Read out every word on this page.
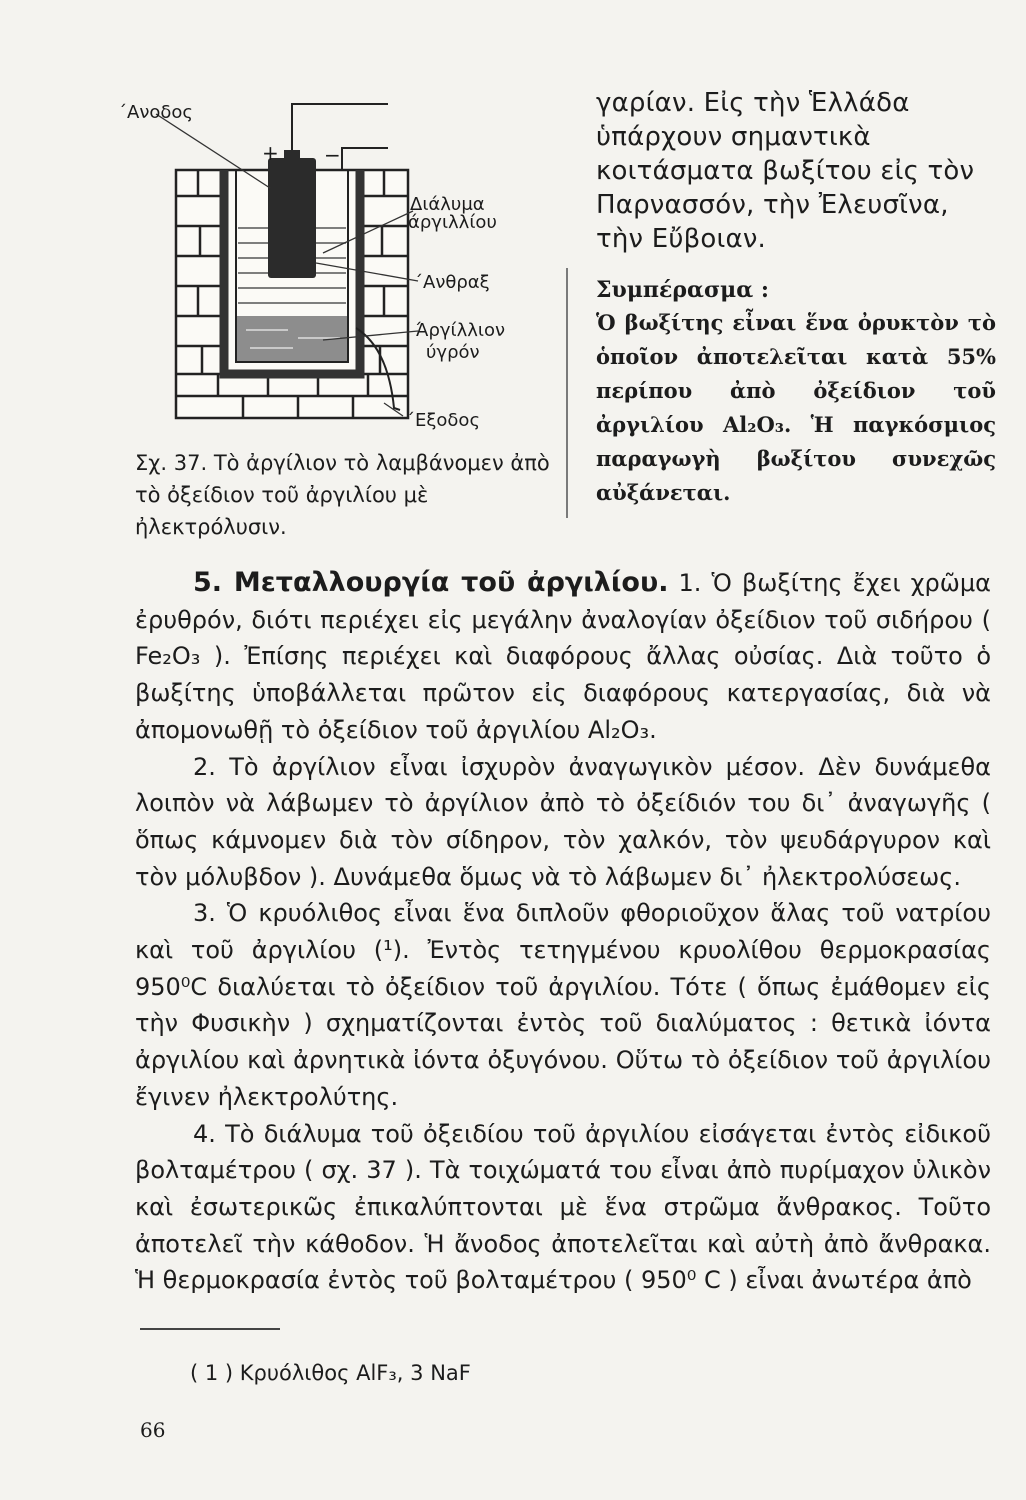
΄Ανοδος
+ −
Διάλυμα
άργιλλίου
΄Ανθραξ
Άργίλλιον
ύγρόν
΄Εξοδος
Σχ. 37. Τὸ ἀργίλιον τὸ λαμβάνομεν ἀπὸ τὸ ὀξείδιον τοῦ ἀργιλίου μὲ ἠλεκτρόλυσιν.
γαρίαν. Εἰς τὴν Ἑλλάδα ὑπάρχουν σημαντικὰ κοιτάσματα βωξίτου εἰς τὸν Παρνασσόν, τὴν Ἐλευσῖνα, τὴν Εὔβοιαν.
Συμπέρασμα :
Ὁ βωξίτης εἶναι ἕνα ὀρυκτὸν τὸ ὁποῖον ἀποτελεῖται κατὰ 55% περίπου ἀπὸ ὀξείδιον τοῦ ἀργιλίου Al₂O₃. Ἡ παγκόσμιος παραγωγὴ βωξίτου συνεχῶς αὐξάνεται.

5. Μεταλλουργία τοῦ ἀργιλίου. 1. Ὁ βωξίτης ἔχει χρῶμα ἐρυθρόν, διότι περιέχει εἰς μεγάλην ἀναλογίαν ὀξείδιον τοῦ σιδήρου ( Fe₂O₃ ). Ἐπίσης περιέχει καὶ διαφόρους ἄλλας οὐσίας. Διὰ τοῦτο ὁ βωξίτης ὑποβάλλεται πρῶτον εἰς διαφόρους κατεργασίας, διὰ νὰ ἀπομονωθῇ τὸ ὀξείδιον τοῦ ἀργιλίου Al₂O₃.

2. Τὸ ἀργίλιον εἶναι ἰσχυρὸν ἀναγωγικὸν μέσον. Δὲν δυνάμεθα λοιπὸν νὰ λάβωμεν τὸ ἀργίλιον ἀπὸ τὸ ὀξείδιόν του δι᾽ ἀναγωγῆς ( ὅπως κάμνομεν διὰ τὸν σίδηρον, τὸν χαλκόν, τὸν ψευδάργυρον καὶ τὸν μόλυβδον ). Δυνάμεθα ὅμως νὰ τὸ λάβωμεν δι᾽ ἠλεκτρολύσεως.

3. Ὁ κρυόλιθος εἶναι ἕνα διπλοῦν φθοριοῦχον ἅλας τοῦ νατρίου καὶ τοῦ ἀργιλίου (¹). Ἐντὸς τετηγμένου κρυολίθου θερμοκρασίας 950⁰C διαλύεται τὸ ὀξείδιον τοῦ ἀργιλίου. Τότε ( ὅπως ἐμάθομεν εἰς τὴν Φυσικὴν ) σχηματίζονται ἐντὸς τοῦ διαλύματος : θετικὰ ἰόντα ἀργιλίου καὶ ἀρνητικὰ ἰόντα ὀξυγόνου. Οὕτω τὸ ὀξείδιον τοῦ ἀργιλίου ἔγινεν ἠλεκτρολύτης.

4. Τὸ διάλυμα τοῦ ὀξειδίου τοῦ ἀργιλίου εἰσάγεται ἐντὸς εἰδικοῦ βολταμέτρου ( σχ. 37 ). Τὰ τοιχώματά του εἶναι ἀπὸ πυρίμαχον ὑλικὸν καὶ ἐσωτερικῶς ἐπικαλύπτονται μὲ ἕνα στρῶμα ἄνθρακος. Τοῦτο ἀποτελεῖ τὴν κάθοδον. Ἡ ἄνοδος ἀποτελεῖται καὶ αὐτὴ ἀπὸ ἄνθρακα. Ἡ θερμοκρασία ἐντὸς τοῦ βολταμέτρου ( 950⁰ C ) εἶναι ἀνωτέρα ἀπὸ

( 1 ) Κρυόλιθος AlF₃, 3 NaF
66
